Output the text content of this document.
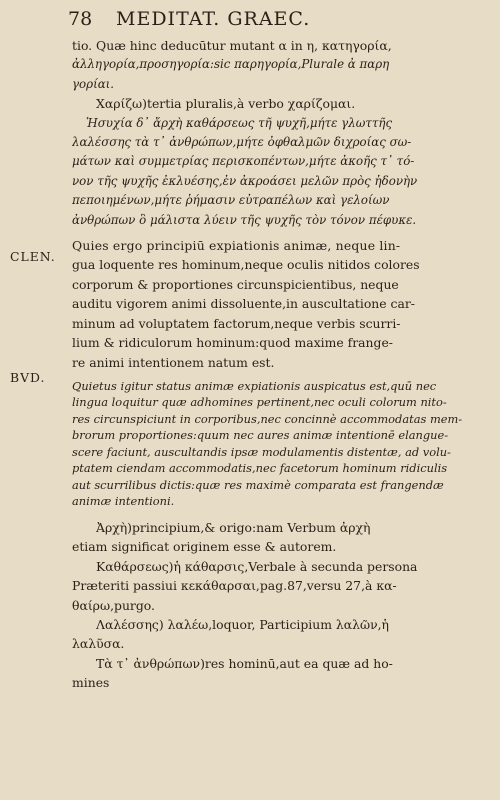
78 MEDITAT. GRAEC.
CLEN.
BVD.
tio. Quæ hinc deducūtur mutant α in η, κατηγορία,
ἀλληγορία,προσηγορία:sic παρηγορία,Plurale ἀ παρη
γορίαι.
Χαρίζω)tertia pluralis,à verbo χαρίζομαι.
Ἡσυχία δ᾽ ἄρχὴ καθάρσεως τῆ ψυχῆ,μήτε γλωττῆς
λαλέσσης τὰ τ᾽ ἀνθρώπων,μήτε ὀφθαλμῶν διχροίας σω-
μάτων καὶ συμμετρίας περισκοπέντων,μήτε ἀκοῆς τ᾽ τό-
νον τῆς ψυχῆς ἐκλυέσης,ἐν ἀκροάσει μελῶν πρὸς ἡδονὴν
πεποιημένων,μήτε ῥήμασιν εὐτραπέλων καὶ γελοίων
ἀνθρώπων ὃ μάλιστα λύειν τῆς ψυχῆς τὸν τόνον πέφυκε.
Quies ergo principiū expiationis animæ, neque lin-
gua loquente res hominum,neque oculis nitidos colores
corporum & proportiones circunspicientibus, neque
auditu vigorem animi dissoluente,in auscultatione car-
minum ad voluptatem factorum,neque verbis scurri-
lium & ridiculorum hominum:quod maxime frange-
re animi intentionem natum est.
Quietus igitur status animæ expiationis auspicatus est,quū nec
lingua loquitur quæ adhomines pertinent,nec oculi colorum nito-
res circunspiciunt in corporibus,nec concinnè accommodatas mem-
brorum proportiones:quum nec aures animæ intentionē elangue-
scere faciunt, auscultandis ipsæ modulamentis distentæ, ad volu-
ptatem ciendam accommodatis,nec facetorum hominum ridiculis
aut scurrilibus dictis:quæ res maximè comparata est frangendæ
animæ intentioni.
Ἀρχὴ)principium,& origo:nam Verbum ἀρχὴ
etiam significat originem esse & autorem.
Καθάρσεως)ἡ κάθαρσις,Verbale à secunda persona
Præteriti passiui κεκάθαρσαι,pag.87,versu 27,à κα-
θαίρω,purgo.
Λαλέσσης) λαλέω,loquor, Participium λαλῶν,ἡ
λαλῦσα.
Τὰ τ᾽ ἀνθρώπων)res hominū,aut ea quæ ad ho-
mines
